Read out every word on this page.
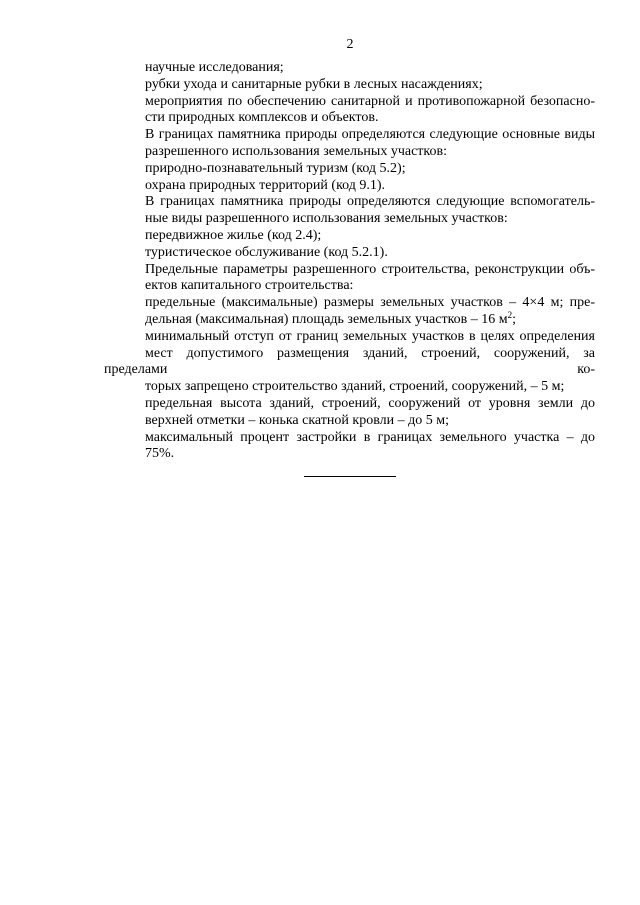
2

научные исследования;

рубки ухода и санитарные рубки в лесных насаждениях;

мероприятия по обеспечению санитарной и противопожарной безопасно-
сти природных комплексов и объектов.

В границах памятника природы определяются следующие основные виды
разрешенного использования земельных участков:

природно-познавательный туризм (код 5.2);

охрана природных территорий (код 9.1).

В границах памятника природы определяются следующие вспомогатель-
ные виды разрешенного использования земельных участков:

передвижное жилье (код 2.4);

туристическое обслуживание (код 5.2.1).

Предельные параметры разрешенного строительства, реконструкции объ-
ектов капитального строительства:

предельные (максимальные) размеры земельных участков – 4×4 м; пре-
дельная (максимальная) площадь земельных участков – 16 $м^2$;

минимальный отступ от границ земельных участков в целях определения
мест допустимого размещения зданий, строений, сооружений, за пределами ко-
торых запрещено строительство зданий, строений, сооружений, – 5 м;

предельная высота зданий, строений, сооружений от уровня земли до
верхней отметки – конька скатной кровли – до 5 м;

максимальный процент застройки в границах земельного участка – до
75%.
